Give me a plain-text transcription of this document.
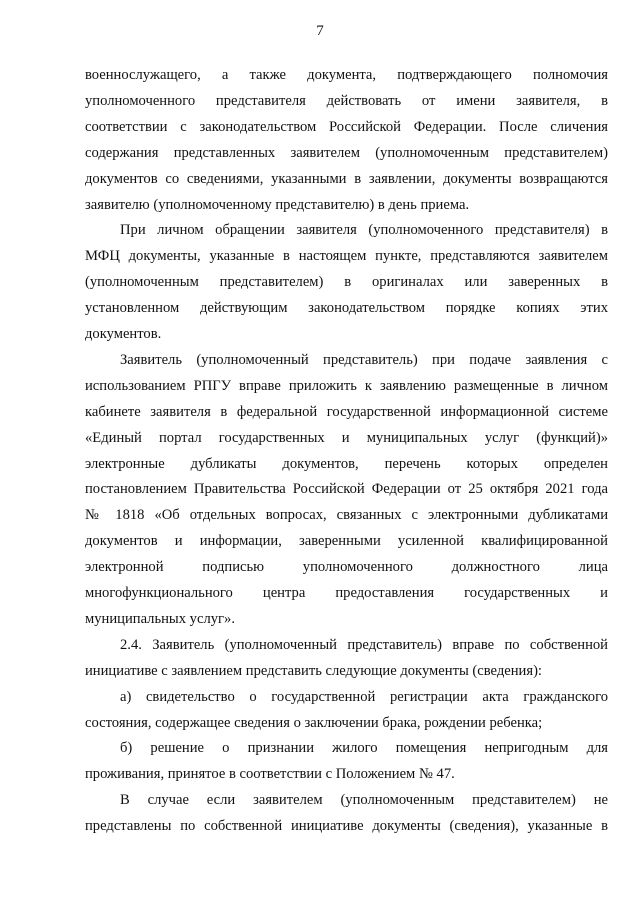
7
военнослужащего, а также документа, подтверждающего полномочия
уполномоченного представителя действовать от имени заявителя, в
соответствии с законодательством Российской Федерации. После сличения
содержания представленных заявителем (уполномоченным представителем)
документов со сведениями, указанными в заявлении, документы возвращаются
заявителю (уполномоченному представителю) в день приема.
При личном обращении заявителя (уполномоченного представителя) в
МФЦ документы, указанные в настоящем пункте, представляются заявителем
(уполномоченным представителем) в оригиналах или заверенных в
установленном действующим законодательством порядке копиях этих
документов.
Заявитель (уполномоченный представитель) при подаче заявления с
использованием РПГУ вправе приложить к заявлению размещенные в личном
кабинете заявителя в федеральной государственной информационной системе
«Единый портал государственных и муниципальных услуг (функций)»
электронные дубликаты документов, перечень которых определен
постановлением Правительства Российской Федерации от 25 октября 2021 года
№ 1818 «Об отдельных вопросах, связанных с электронными дубликатами
документов и информации, заверенными усиленной квалифицированной
электронной подписью уполномоченного должностного лица
многофункционального центра предоставления государственных и
муниципальных услуг».
2.4. Заявитель (уполномоченный представитель) вправе по собственной
инициативе с заявлением представить следующие документы (сведения):
а) свидетельство о государственной регистрации акта гражданского
состояния, содержащее сведения о заключении брака, рождении ребенка;
б) решение о признании жилого помещения непригодным для
проживания, принятое в соответствии с Положением № 47.
В случае если заявителем (уполномоченным представителем) не
представлены по собственной инициативе документы (сведения), указанные в
